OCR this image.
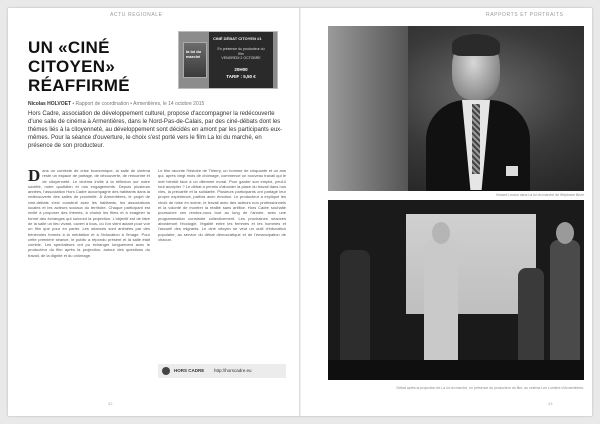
ACTU REGIONALE	RAPPORTS ET PORTRAITS
UN «CINÉ
CITOYEN»
RÉAFFIRMÉ
la loi du marché
CINÉ DÉBAT CITOYEN #1
En présence du producteur du film
VENDREDI 2 OCTOBRE
20H00
TARIF : 5,50 €
Nicolas HOLVOET • Rapport de coordination • Armentières, le 14 octobre 2015
Hors Cadre, association de développement culturel, propose d'accompagner la redécouverte d'une salle de cinéma à Armentières, dans le Nord-Pas-de-Calais, par des ciné-débats dont les thèmes liés à la citoyenneté, au développement sont décidés en amont par les participants eux-mêmes. Pour la séance d'ouverture, le choix s'est porté vers le film La loi du marché, en présence de son producteur.
Dans un contexte de crise économique, la salle de cinéma reste un espace de partage, de découverte, de rencontre et de citoyenneté. Le cinéma invite à la réflexion sur notre société, notre quotidien et nos engagements. Depuis plusieurs années, l'association Hors Cadre accompagne des habitants dans la redécouverte des salles de proximité. À Armentières, le projet de ciné-débats s'est construit avec les habitants, les associations locales et les acteurs sociaux du territoire. Chaque participant est invité à proposer des thèmes, à choisir les films et à imaginer la forme des échanges qui suivront la projection. L'objectif est de faire de la salle un lieu vivant, ouvert à tous, où l'on vient autant pour voir un film que pour en parler. Les séances sont animées par des bénévoles formés à la médiation et à l'éducation à l'image. Pour cette première séance, le public a répondu présent et la salle était comble. Les spectateurs ont pu échanger longuement avec le producteur du film après la projection, autour des questions du travail, de la dignité et du chômage.
Le film raconte l'histoire de Thierry, un homme de cinquante et un ans qui, après vingt mois de chômage, commence un nouveau travail qui le met bientôt face à un dilemme moral. Pour garder son emploi, peut-il tout accepter ? Le débat a permis d'aborder la place du travail dans nos vies, la précarité et la solidarité. Plusieurs participants ont partagé leur propre expérience, parfois avec émotion. Le producteur a expliqué les choix de mise en scène, le travail avec des acteurs non professionnels et la volonté de montrer la réalité sans artifice. Hors Cadre souhaite poursuivre ces rendez-vous tout au long de l'année, avec une programmation construite collectivement. Les prochaines séances aborderont l'écologie, l'égalité entre les femmes et les hommes et l'accueil des migrants. Le ciné citoyen se veut un outil d'éducation populaire, au service du débat démocratique et de l'émancipation de chacun.
HORS CADRE http://horscadre.eu
42
Vincent Lindon dans La loi du marché de Stéphane Brizé
Débat après la projection de La loi du marché, en présence du producteur du film, au cinéma Les Lumière d'Armentières.
43
